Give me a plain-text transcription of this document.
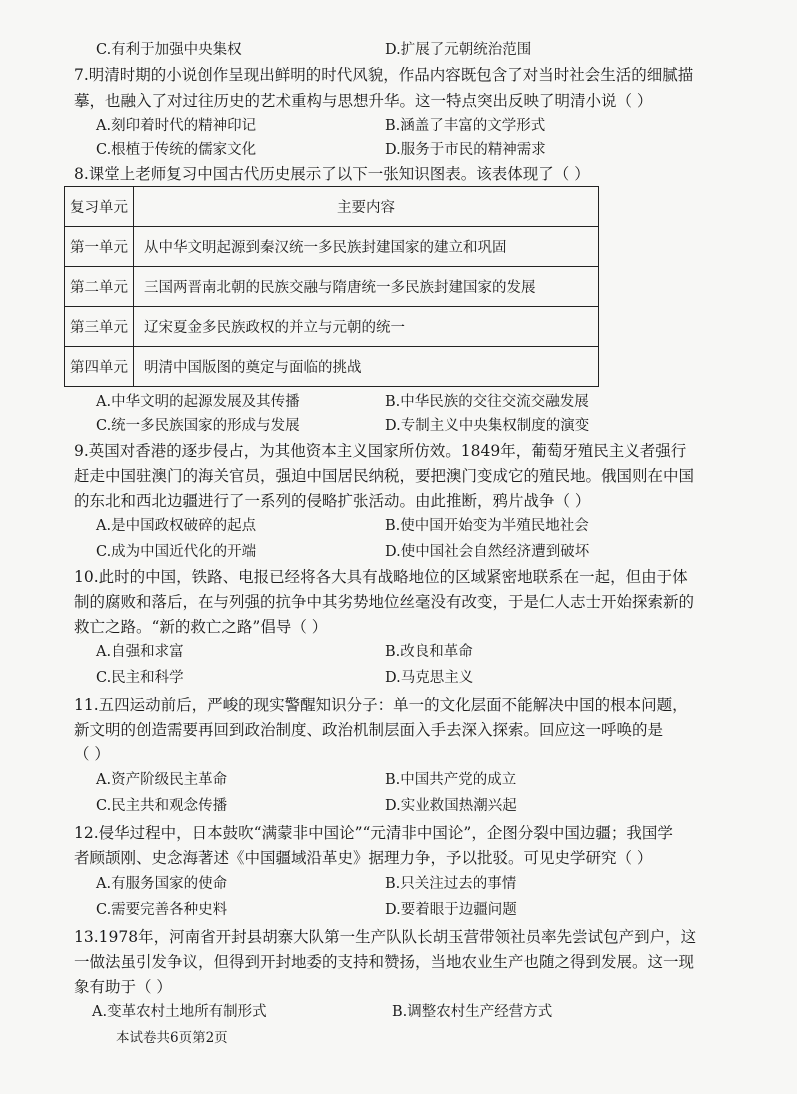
C.有利于加强中央集权	D.扩展了元朝统治范围
7.明清时期的小说创作呈现出鲜明的时代风貌，作品内容既包含了对当时社会生活的细腻描
摹，也融入了对过往历史的艺术重构与思想升华。这一特点突出反映了明清小说（ ）
A.刻印着时代的精神印记	B.涵盖了丰富的文学形式
C.根植于传统的儒家文化	D.服务于市民的精神需求
8.课堂上老师复习中国古代历史展示了以下一张知识图表。该表体现了（ ）
复习单元	主要内容
第一单元	从中华文明起源到秦汉统一多民族封建国家的建立和巩固
第二单元	三国两晋南北朝的民族交融与隋唐统一多民族封建国家的发展
第三单元	辽宋夏金多民族政权的并立与元朝的统一
第四单元	明清中国版图的奠定与面临的挑战
A.中华文明的起源发展及其传播	B.中华民族的交往交流交融发展
C.统一多民族国家的形成与发展	D.专制主义中央集权制度的演变
9.英国对香港的逐步侵占，为其他资本主义国家所仿效。1849年，葡萄牙殖民主义者强行
赶走中国驻澳门的海关官员，强迫中国居民纳税，要把澳门变成它的殖民地。俄国则在中国
的东北和西北边疆进行了一系列的侵略扩张活动。由此推断，鸦片战争（ ）
A.是中国政权破碎的起点	B.使中国开始变为半殖民地社会
C.成为中国近代化的开端	D.使中国社会自然经济遭到破坏
10.此时的中国，铁路、电报已经将各大具有战略地位的区域紧密地联系在一起，但由于体
制的腐败和落后，在与列强的抗争中其劣势地位丝毫没有改变，于是仁人志士开始探索新的
救亡之路。“新的救亡之路”倡导（ ）
A.自强和求富	B.改良和革命
C.民主和科学	D.马克思主义
11.五四运动前后，严峻的现实警醒知识分子：单一的文化层面不能解决中国的根本问题，
新文明的创造需要再回到政治制度、政治机制层面入手去深入探索。回应这一呼唤的是
（ ）
A.资产阶级民主革命	B.中国共产党的成立
C.民主共和观念传播	D.实业救国热潮兴起
12.侵华过程中，日本鼓吹“满蒙非中国论”“元清非中国论”，企图分裂中国边疆；我国学
者顾颉刚、史念海著述《中国疆域沿革史》据理力争，予以批驳。可见史学研究（ ）
A.有服务国家的使命	B.只关注过去的事情
C.需要完善各种史料	D.要着眼于边疆问题
13.1978年，河南省开封县胡寨大队第一生产队队长胡玉营带领社员率先尝试包产到户，这
一做法虽引发争议，但得到开封地委的支持和赞扬，当地农业生产也随之得到发展。这一现
象有助于（ ）
A.变革农村土地所有制形式	B.调整农村生产经营方式
本试卷共6页第2页
